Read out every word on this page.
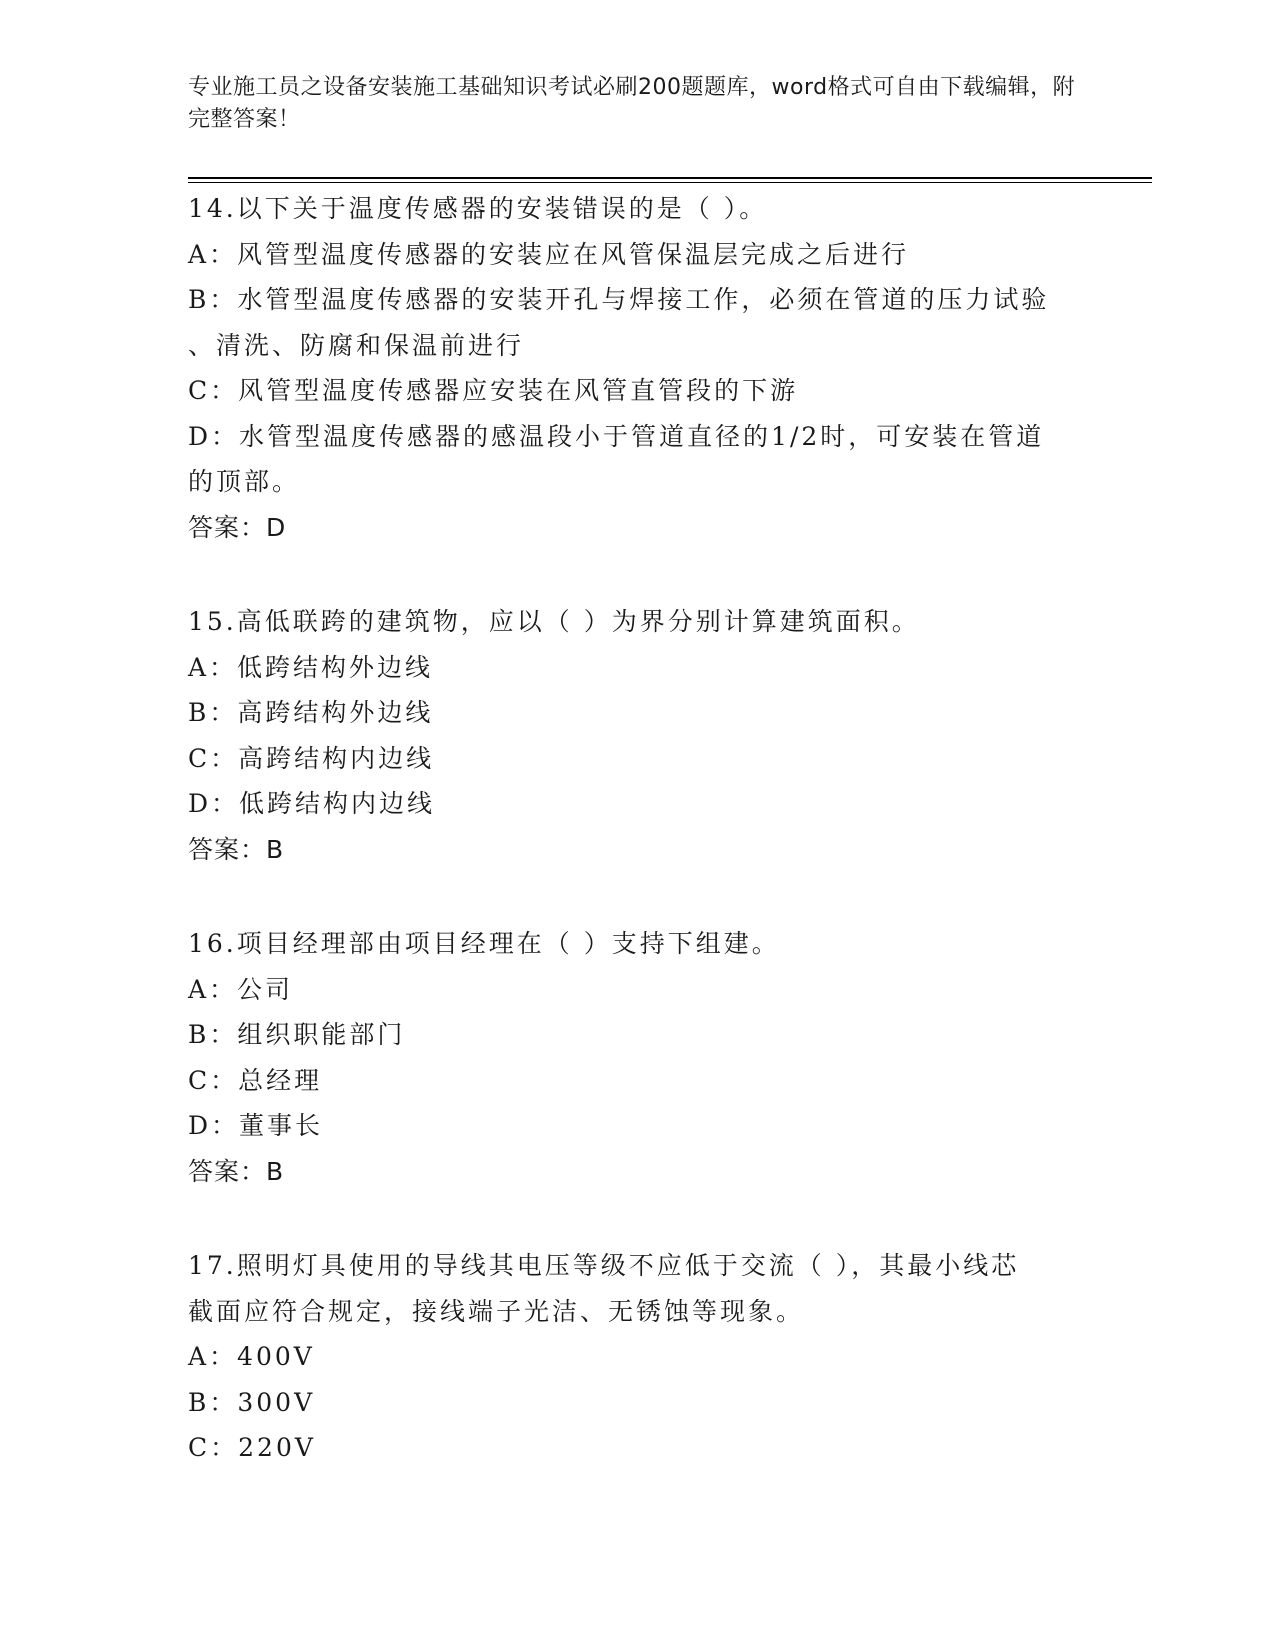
专业施工员之设备安装施工基础知识考试必刷200题题库，word格式可自由下载编辑，附完整答案！
14.以下关于温度传感器的安装错误的是（ ）。
A：风管型温度传感器的安装应在风管保温层完成之后进行
B：水管型温度传感器的安装开孔与焊接工作，必须在管道的压力试验
、清洗、防腐和保温前进行
C：风管型温度传感器应安装在风管直管段的下游
D：水管型温度传感器的感温段小于管道直径的1/2时，可安装在管道
的顶部。
答案：D
15.高低联跨的建筑物，应以（ ）为界分别计算建筑面积。
A：低跨结构外边线
B：高跨结构外边线
C：高跨结构内边线
D：低跨结构内边线
答案：B
16.项目经理部由项目经理在（ ）支持下组建。
A：公司
B：组织职能部门
C：总经理
D：董事长
答案：B
17.照明灯具使用的导线其电压等级不应低于交流（ ），其最小线芯
截面应符合规定，接线端子光洁、无锈蚀等现象。
A：400V
B：300V
C：220V
